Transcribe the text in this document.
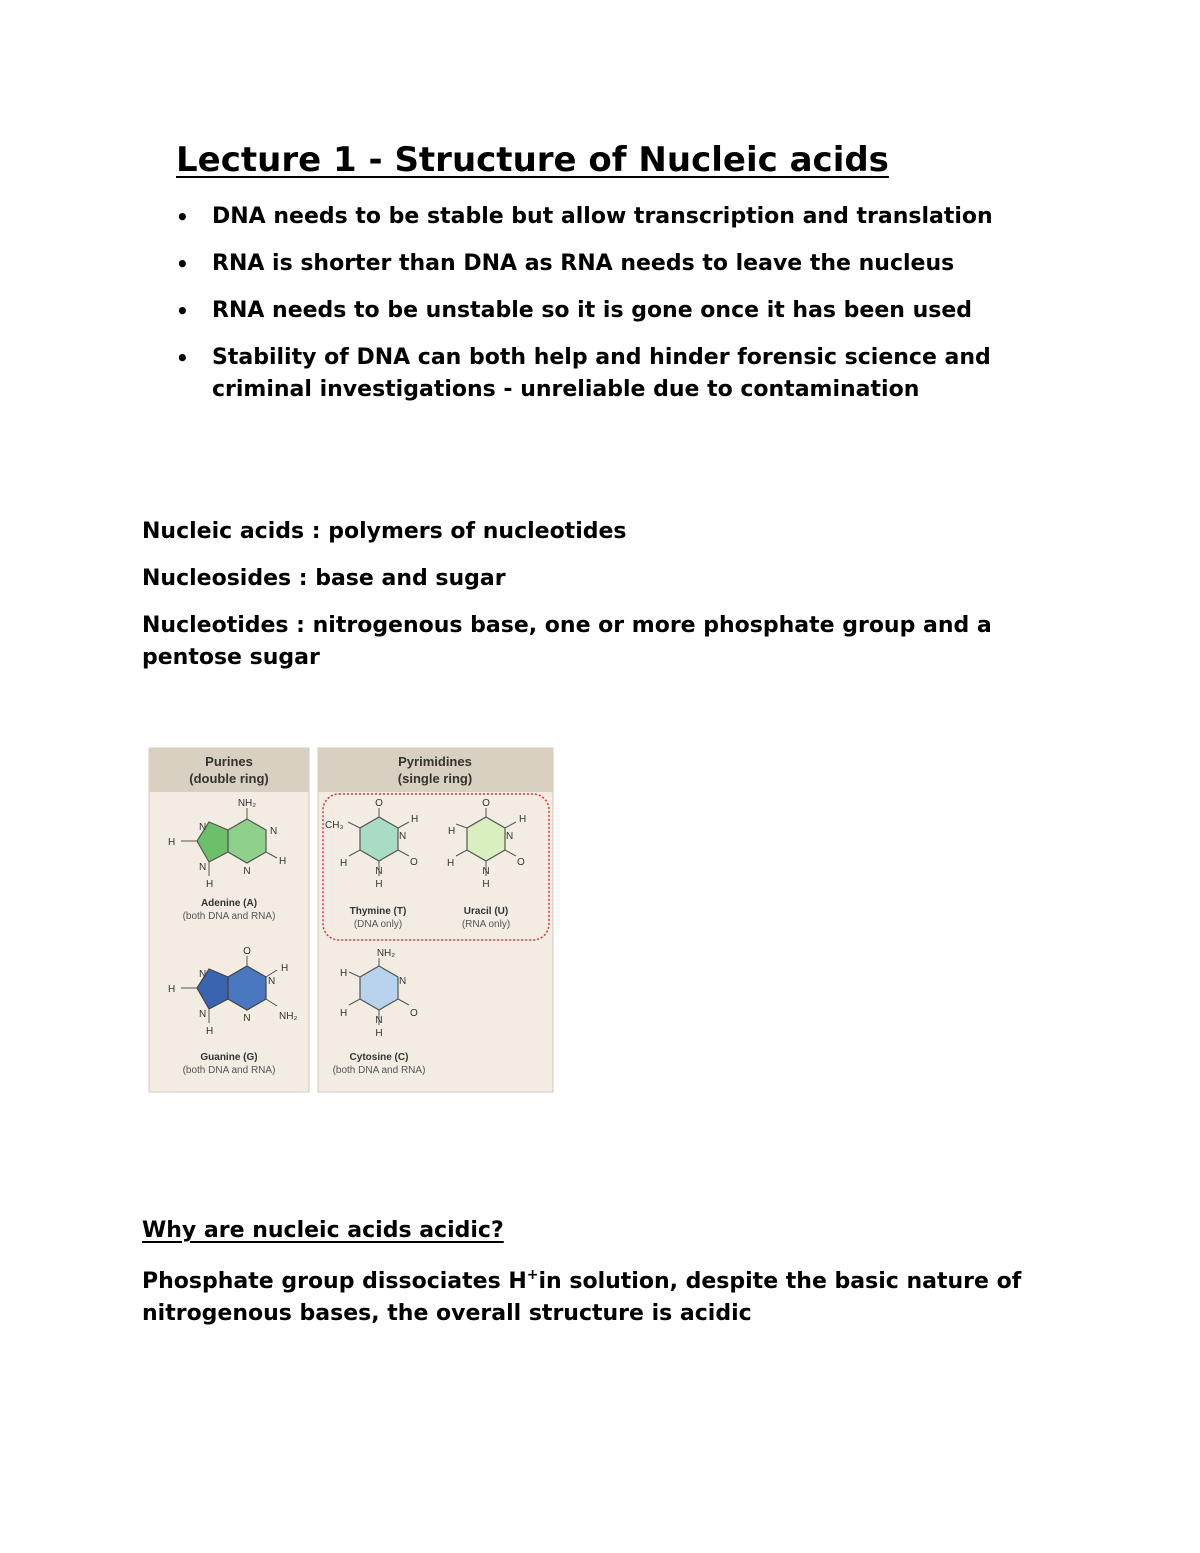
Lecture 1 - Structure of Nucleic acids
• DNA needs to be stable but allow transcription and translation
• RNA is shorter than DNA as RNA needs to leave the nucleus
• RNA needs to be unstable so it is gone once it has been used
• Stability of DNA can both help and hinder forensic science and criminal investigations - unreliable due to contamination

Nucleic acids : polymers of nucleotides

Nucleosides : base and sugar

Nucleotides : nitrogenous base, one or more phosphate group and a pentose sugar

Purines
(double ring)
Pyrimidines
(single ring)
NH₂
N
N
H
N
N
H
H
Adenine (A)
(both DNA and RNA)
O
N
H
NH₂
N
N
N
H
H
Guanine (G)
(both DNA and RNA)
O
CH₃
N
H
O
H
N
H
Thymine (T)
(DNA only)
O
H	N
H
O
H
N
H
Uracil (U)
(RNA only)
NH₂
H
N
O
H
N
H
Cytosine (C)
(both DNA and RNA)

Why are nucleic acids acidic?

Phosphate group dissociates H+in solution, despite the basic nature of nitrogenous bases, the overall structure is acidic
